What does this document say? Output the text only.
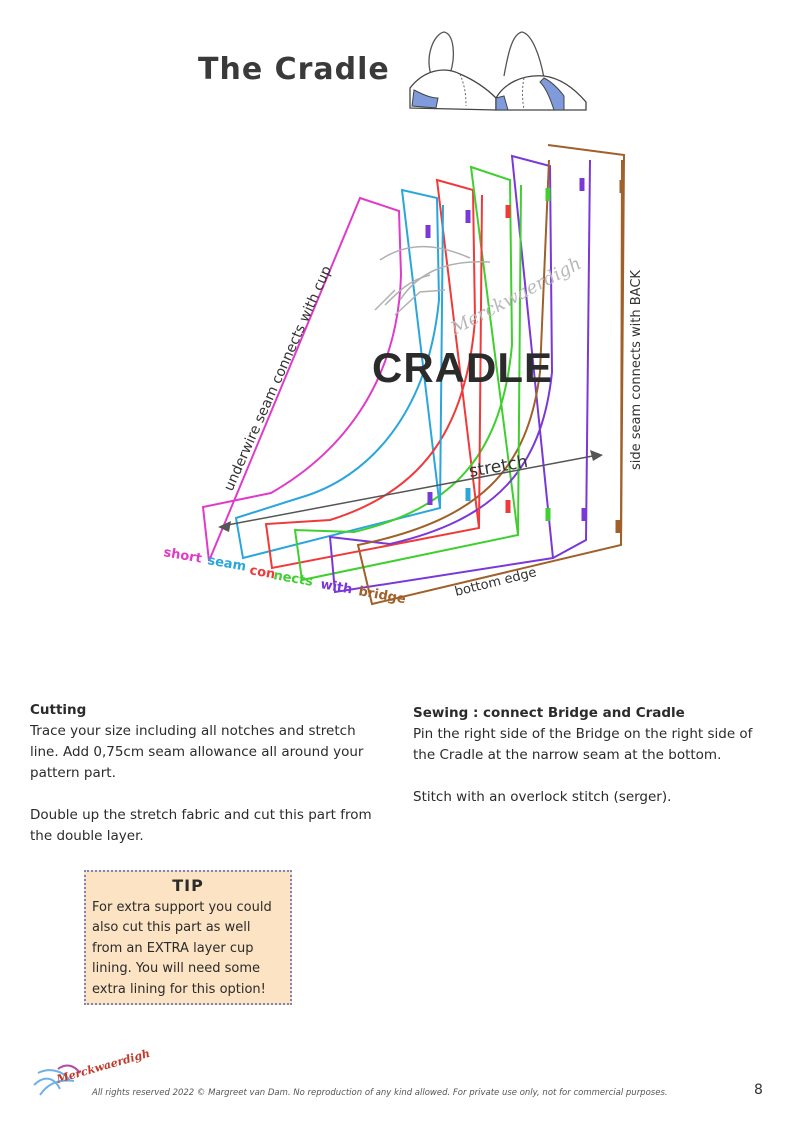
The Cradle
Merckwaerdigh
CRADLE
underwire seam connects with cup	side seam connects with BACK
stretch
bottom edge
short seam con
nects with bridge
Cutting

Trace your size including all notches and stretch line. Add 0,75cm seam allowance all around your pattern part.

Double up the stretch fabric and cut this part from the double layer.

Sewing : connect Bridge and Cradle

Pin the right side of the Bridge on the right side of the Cradle at the narrow seam at the bottom.

Stitch with an overlock stitch (serger).

TIP
For extra support you could also cut this part as well from an EXTRA layer cup lining. You will need some extra lining for this option!
Merckwaerdigh
All rights reserved 2022 © Margreet van Dam. No reproduction of any kind allowed. For private use only, not for commercial purposes.	8
